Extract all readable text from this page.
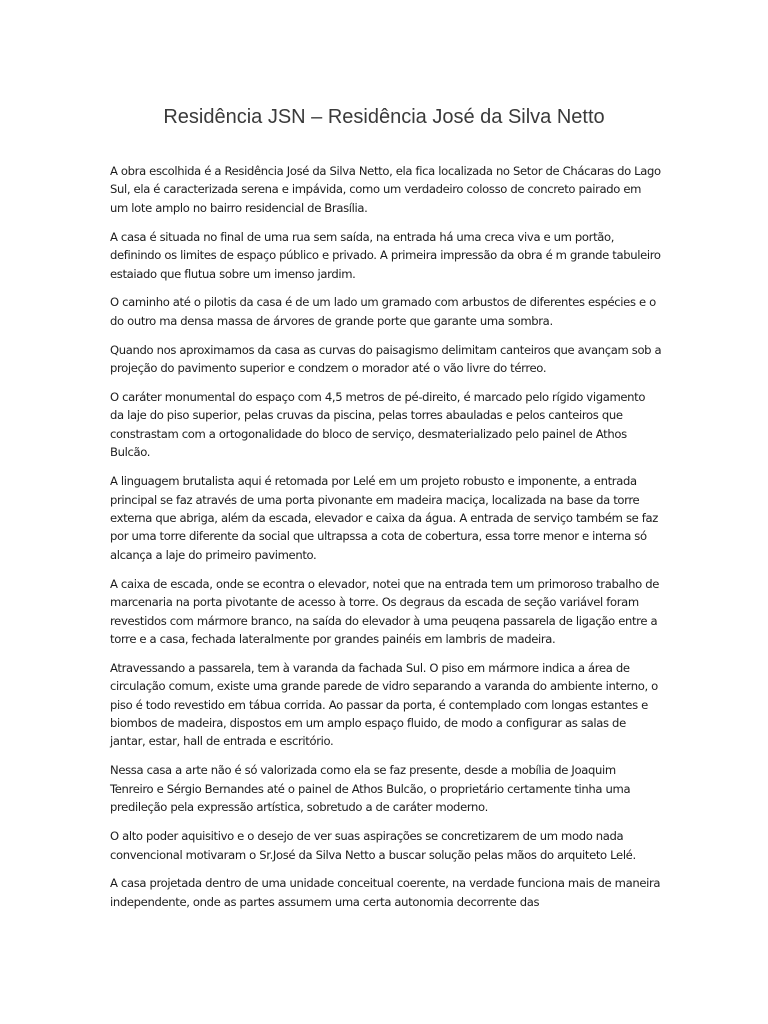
Residência JSN – Residência José da Silva Netto

A obra escolhida é a Residência José da Silva Netto, ela fica localizada no Setor de Chácaras do Lago Sul, ela é caracterizada serena e impávida, como um verdadeiro colosso de concreto pairado em um lote amplo no bairro residencial de Brasília.

A casa é situada no final de uma rua sem saída, na entrada há uma creca viva e um portão, definindo os limites de espaço público e privado. A primeira impressão da obra é m grande tabuleiro estaiado que flutua sobre um imenso jardim.

O caminho até o pilotis da casa é de um lado um gramado com arbustos de diferentes espécies e o do outro ma densa massa de árvores de grande porte que garante uma sombra.

Quando nos aproximamos da casa as curvas do paisagismo delimitam canteiros que avançam sob a projeção do pavimento superior e condzem o morador até o vão livre do térreo.

O caráter monumental do espaço com 4,5 metros de pé-direito, é marcado pelo rígido vigamento da laje do piso superior, pelas cruvas da piscina, pelas torres abauladas e pelos canteiros que constrastam com a ortogonalidade do bloco de serviço, desmaterializado pelo painel de Athos Bulcão.

A linguagem brutalista aqui é retomada por Lelé em um projeto robusto e imponente, a entrada principal se faz através de uma porta pivonante em madeira maciça, localizada na base da torre externa que abriga, além da escada, elevador e caixa da água. A entrada de serviço também se faz por uma torre diferente da social que ultrapssa a cota de cobertura, essa torre menor e interna só alcança a laje do primeiro pavimento.

A caixa de escada, onde se econtra o elevador, notei que na entrada tem um primoroso trabalho de marcenaria na porta pivotante de acesso à torre. Os degraus da escada de seção variável foram revestidos com mármore branco, na saída do elevador à uma peuqena passarela de ligação entre a torre e a casa, fechada lateralmente por grandes painéis em lambris de madeira.

Atravessando a passarela, tem à varanda da fachada Sul. O piso em mármore indica a área de circulação comum, existe uma grande parede de vidro separando a varanda do ambiente interno, o piso é todo revestido em tábua corrida. Ao passar da porta, é contemplado com longas estantes e biombos de madeira, dispostos em um amplo espaço fluido, de modo a configurar as salas de jantar, estar, hall de entrada e escritório.

Nessa casa a arte não é só valorizada como ela se faz presente, desde a mobília de Joaquim Tenreiro e Sérgio Bernandes até o painel de Athos Bulcão, o proprietário certamente tinha uma predileção pela expressão artística, sobretudo a de caráter moderno.

O alto poder aquisitivo e o desejo de ver suas aspirações se concretizarem de um modo nada convencional motivaram o Sr.José da Silva Netto a buscar solução pelas mãos do arquiteto Lelé.

A casa projetada dentro de uma unidade conceitual coerente, na verdade funciona mais de maneira independente, onde as partes assumem uma certa autonomia decorrente das
